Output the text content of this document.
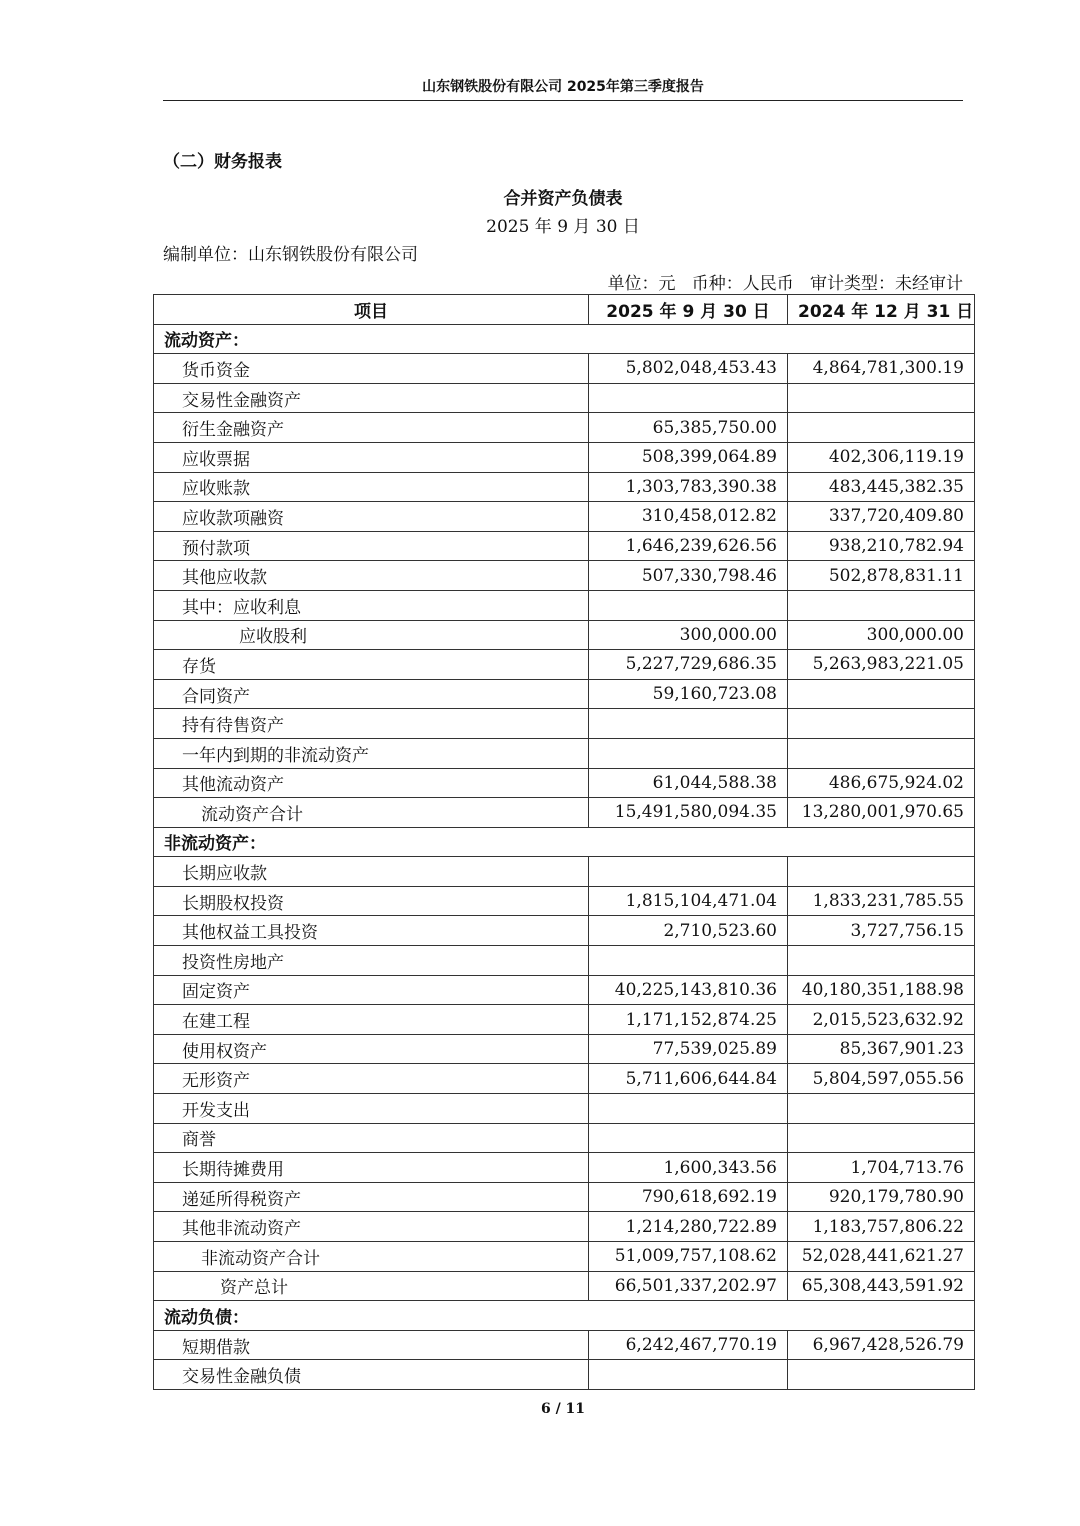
山东钢铁股份有限公司 2025年第三季度报告
（二）财务报表
合并资产负债表
2025 年 9 月 30 日
编制单位：山东钢铁股份有限公司
单位：元   币种：人民币   审计类型：未经审计
项目	2025 年 9 月 30 日	2024 年 12 月 31 日
流动资产：		
货币资金	5,802,048,453.43	4,864,781,300.19
交易性金融资产		
衍生金融资产	65,385,750.00	
应收票据	508,399,064.89	402,306,119.19
应收账款	1,303,783,390.38	483,445,382.35
应收款项融资	310,458,012.82	337,720,409.80
预付款项	1,646,239,626.56	938,210,782.94
其他应收款	507,330,798.46	502,878,831.11
其中：应收利息		
应收股利	300,000.00	300,000.00
存货	5,227,729,686.35	5,263,983,221.05
合同资产	59,160,723.08	
持有待售资产		
一年内到期的非流动资产		
其他流动资产	61,044,588.38	486,675,924.02
流动资产合计	15,491,580,094.35	13,280,001,970.65
非流动资产：		
长期应收款		
长期股权投资	1,815,104,471.04	1,833,231,785.55
其他权益工具投资	2,710,523.60	3,727,756.15
投资性房地产		
固定资产	40,225,143,810.36	40,180,351,188.98
在建工程	1,171,152,874.25	2,015,523,632.92
使用权资产	77,539,025.89	85,367,901.23
无形资产	5,711,606,644.84	5,804,597,055.56
开发支出		
商誉		
长期待摊费用	1,600,343.56	1,704,713.76
递延所得税资产	790,618,692.19	920,179,780.90
其他非流动资产	1,214,280,722.89	1,183,757,806.22
非流动资产合计	51,009,757,108.62	52,028,441,621.27
资产总计	66,501,337,202.97	65,308,443,591.92
流动负债：		
短期借款	6,242,467,770.19	6,967,428,526.79
交易性金融负债		
6 / 11
